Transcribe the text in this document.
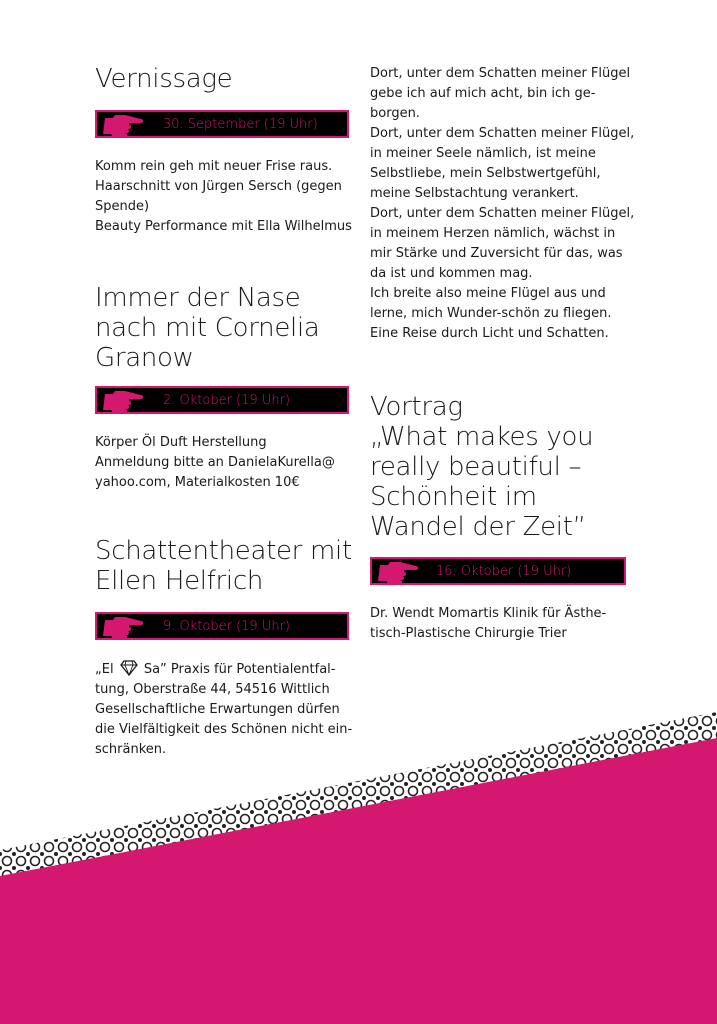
Vernissage
30. September (19 Uhr)

Komm rein geh mit neuer Frise raus.

Haarschnitt von Jürgen Sersch (gegen

Spende)

Beauty Performance mit Ella Wilhelmus

Immer der Nase
nach mit Cornelia
Granow
2. Oktober (19 Uhr)

Körper Öl Duft Herstellung

Anmeldung bitte an DanielaKurella@

yahoo.com, Materialkosten 10€

Schattentheater mit
Ellen Helfrich
9. Oktober (19 Uhr)

„El Sa” Praxis für Potentialentfal-

tung, Oberstraße 44, 54516 Wittlich

Gesellschaftliche Erwartungen dürfen

die Vielfältigkeit des Schönen nicht ein-

schränken.

Dort, unter dem Schatten meiner Flügel

gebe ich auf mich acht, bin ich ge-

borgen.

Dort, unter dem Schatten meiner Flügel,

in meiner Seele nämlich, ist meine

Selbstliebe, mein Selbstwertgefühl,

meine Selbstachtung verankert.

Dort, unter dem Schatten meiner Flügel,

in meinem Herzen nämlich, wächst in

mir Stärke und Zuversicht für das, was

da ist und kommen mag.

Ich breite also meine Flügel aus und

lerne, mich Wunder-schön zu fliegen.

Eine Reise durch Licht und Schatten.

Vortrag
„What makes you
really beautiful –
Schönheit im
Wandel der Zeit”
16. Oktober (19 Uhr)

Dr. Wendt Momartis Klinik für Ästhe-

tisch-Plastische Chirurgie Trier
